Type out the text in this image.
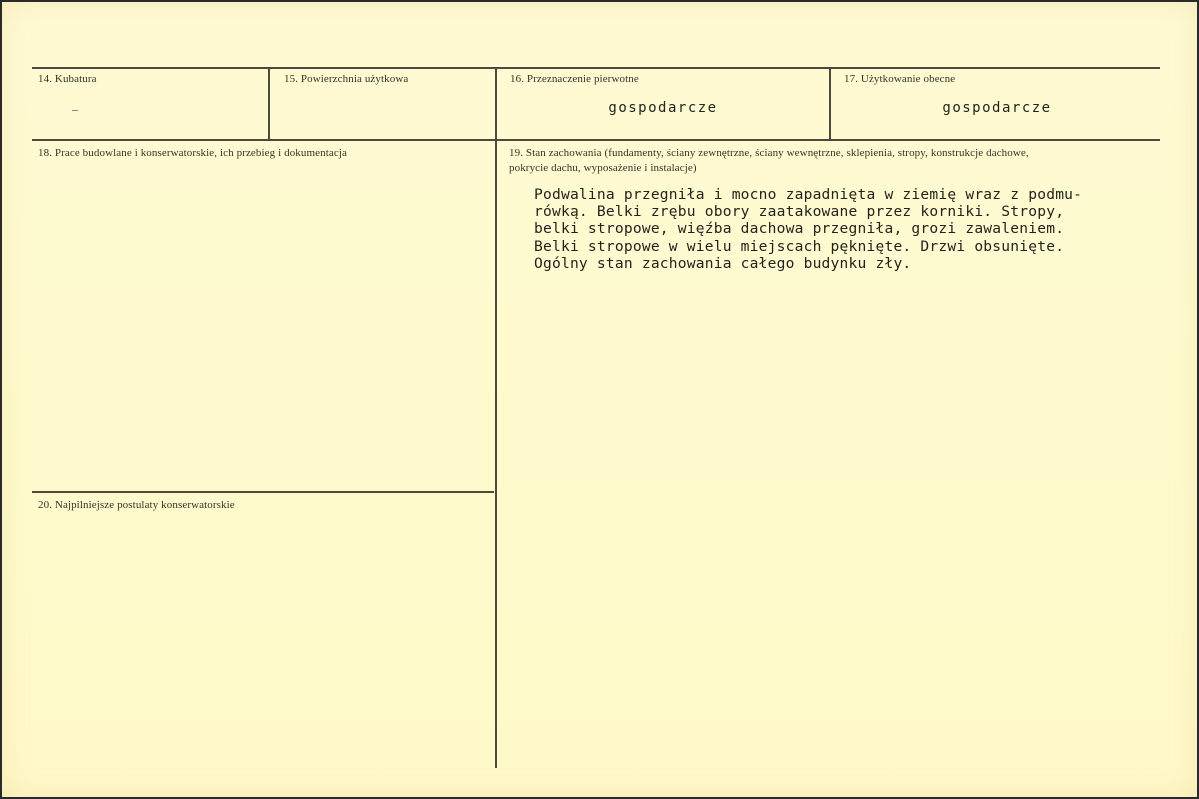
14. Kubatura	15. Powierzchnia użytkowa	16. Przeznaczenie pierwotne
gospodarcze
17. Użytkowanie obecne
gospodarcze
18. Prace budowlane i konserwatorskie, ich przebieg i dokumentacja	19. Stan zachowania (fundamenty, ściany zewnętrzne, ściany wewnętrzne, sklepienia, stropy, konstrukcje dachowe, pokrycie dachu, wyposażenie i instalacje)
Podwalina przegniła i mocno zapadnięta w ziemię wraz z podmu-
rówką. Belki zrębu obory zaatakowane przez korniki. Stropy,
belki stropowe, więźba dachowa przegniła, grozi zawaleniem.
Belki stropowe w wielu miejscach pęknięte. Drzwi obsunięte.
Ogólny stan zachowania całego budynku zły.
20. Najpilniejsze postulaty konserwatorskie
